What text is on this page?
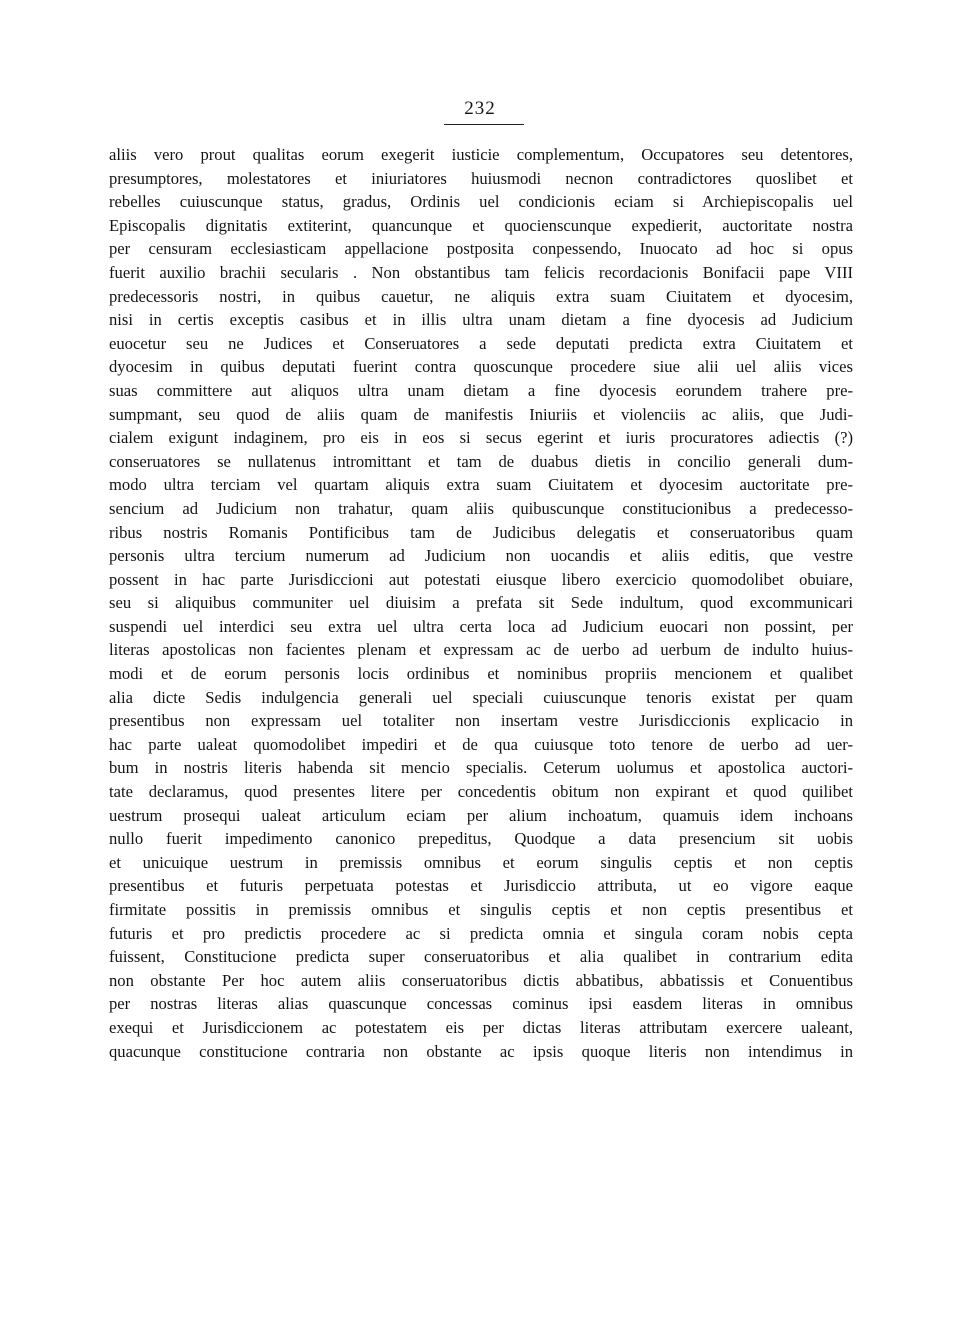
232
aliis vero prout qualitas eorum exegerit iusticie complementum, Occupatores seu detentores,
presumptores, molestatores et iniuriatores huiusmodi necnon contradictores quoslibet et
rebelles cuiuscunque status, gradus, Ordinis uel condicionis eciam si Archiepiscopalis uel
Episcopalis dignitatis extiterint, quancunque et quocienscunque expedierit, auctoritate nostra
per censuram ecclesiasticam appellacione postposita conpessendo, Inuocato ad hoc si opus
fuerit auxilio brachii secularis . Non obstantibus tam felicis recordacionis Bonifacii pape VIII
predecessoris nostri, in quibus cauetur, ne aliquis extra suam Ciuitatem et dyocesim,
nisi in certis exceptis casibus et in illis ultra unam dietam a fine dyocesis ad Judicium
euocetur seu ne Judices et Conseruatores a sede deputati predicta extra Ciuitatem et
dyocesim in quibus deputati fuerint contra quoscunque procedere siue alii uel aliis vices
suas committere aut aliquos ultra unam dietam a fine dyocesis eorundem trahere pre-
sumpmant, seu quod de aliis quam de manifestis Iniuriis et violenciis ac aliis, que Judi-
cialem exigunt indaginem, pro eis in eos si secus egerint et iuris procuratores adiectis (?)
conseruatores se nullatenus intromittant et tam de duabus dietis in concilio generali dum-
modo ultra terciam vel quartam aliquis extra suam Ciuitatem et dyocesim auctoritate pre-
sencium ad Judicium non trahatur, quam aliis quibuscunque constitucionibus a predecesso-
ribus nostris Romanis Pontificibus tam de Judicibus delegatis et conseruatoribus quam
personis ultra tercium numerum ad Judicium non uocandis et aliis editis, que vestre
possent in hac parte Jurisdiccioni aut potestati eiusque libero exercicio quomodolibet obuiare,
seu si aliquibus communiter uel diuisim a prefata sit Sede indultum, quod excommunicari
suspendi uel interdici seu extra uel ultra certa loca ad Judicium euocari non possint, per
literas apostolicas non facientes plenam et expressam ac de uerbo ad uerbum de indulto huius-
modi et de eorum personis locis ordinibus et nominibus propriis mencionem et qualibet
alia dicte Sedis indulgencia generali uel speciali cuiuscunque tenoris existat per quam
presentibus non expressam uel totaliter non insertam vestre Jurisdiccionis explicacio in
hac parte ualeat quomodolibet impediri et de qua cuiusque toto tenore de uerbo ad uer-
bum in nostris literis habenda sit mencio specialis. Ceterum uolumus et apostolica auctori-
tate declaramus, quod presentes litere per concedentis obitum non expirant et quod quilibet
uestrum prosequi ualeat articulum eciam per alium inchoatum, quamuis idem inchoans
nullo fuerit impedimento canonico prepeditus, Quodque a data presencium sit uobis
et unicuique uestrum in premissis omnibus et eorum singulis ceptis et non ceptis
presentibus et futuris perpetuata potestas et Jurisdiccio attributa, ut eo vigore eaque
firmitate possitis in premissis omnibus et singulis ceptis et non ceptis presentibus et
futuris et pro predictis procedere ac si predicta omnia et singula coram nobis cepta
fuissent, Constitucione predicta super conseruatoribus et alia qualibet in contrarium edita
non obstante Per hoc autem aliis conseruatoribus dictis abbatibus, abbatissis et Conuentibus
per nostras literas alias quascunque concessas cominus ipsi easdem literas in omnibus
exequi et Jurisdiccionem ac potestatem eis per dictas literas attributam exercere ualeant,
quacunque constitucione contraria non obstante ac ipsis quoque literis non intendimus in
